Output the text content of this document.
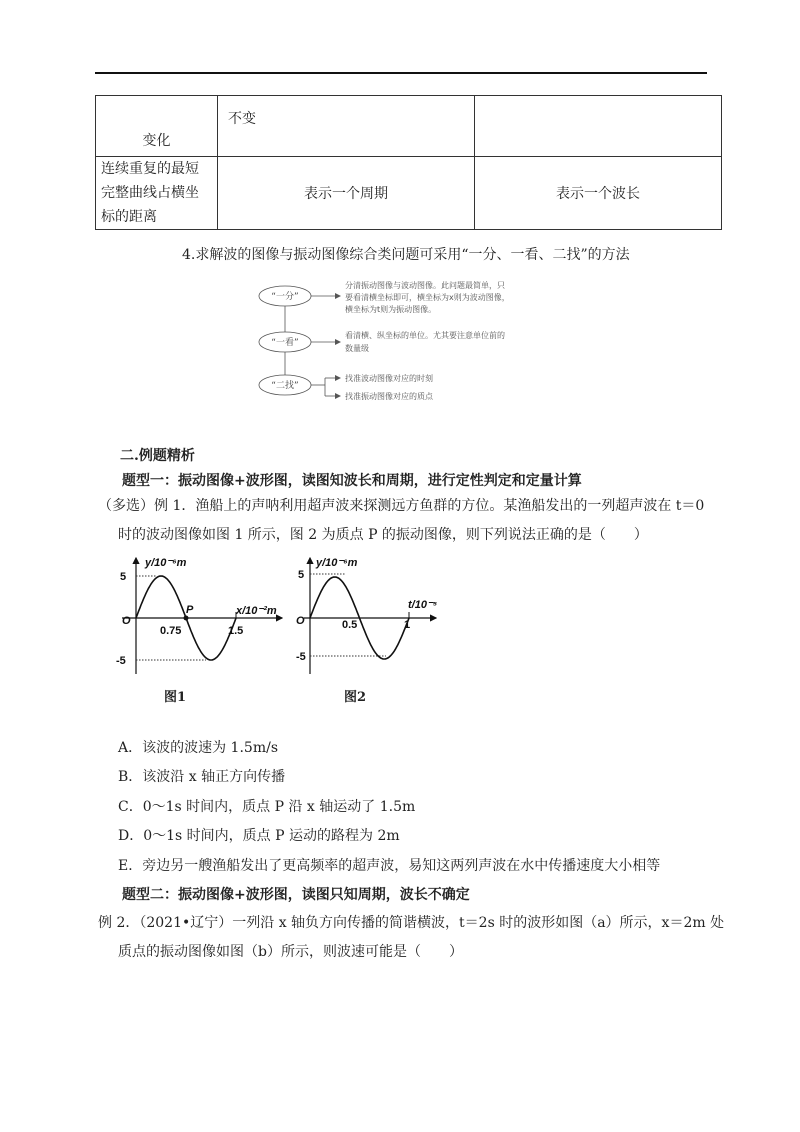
变化	不变	

连续重复的最短
完整曲线占横坐
标的距离	表示一个周期	表示一个波长
4.求解波的图像与振动图像综合类问题可采用“一分、一看、二找”的方法
“一分”
“一看”
“二找”
分清振动图像与波动图像。此问题最简单，只
要看清横坐标即可，横坐标为x则为波动图像，
横坐标为t则为振动图像。
看清横、纵坐标的单位。尤其要注意单位前的
数量级
找准波动图像对应的时刻
找准振动图像对应的质点
二.例题精析
题型一：振动图像+波形图，读图知波长和周期，进行定性判定和定量计算
（多选）例 1．渔船上的声呐利用超声波来探测远方鱼群的方位。某渔船发出的一列超声波在 t＝0
时的波动图像如图 1 所示，图 2 为质点 P 的振动图像，则下列说法正确的是（　　）
y/10⁻⁶m
x/10⁻²m
O
P
5
-5
0.75	1.5
图1
y/10⁻⁶m
t/10⁻⁵
O
5
-5
0.5	1
图2
A．该波的波速为 1.5m/s
B．该波沿 x 轴正方向传播
C．0～1s 时间内，质点 P 沿 x 轴运动了 1.5m
D．0～1s 时间内，质点 P 运动的路程为 2m
E．旁边另一艘渔船发出了更高频率的超声波，易知这两列声波在水中传播速度大小相等
题型二：振动图像+波形图，读图只知周期，波长不确定
例 2．（2021•辽宁）一列沿 x 轴负方向传播的简谐横波，t＝2s 时的波形如图（a）所示，x＝2m 处
质点的振动图像如图（b）所示，则波速可能是（　　）
